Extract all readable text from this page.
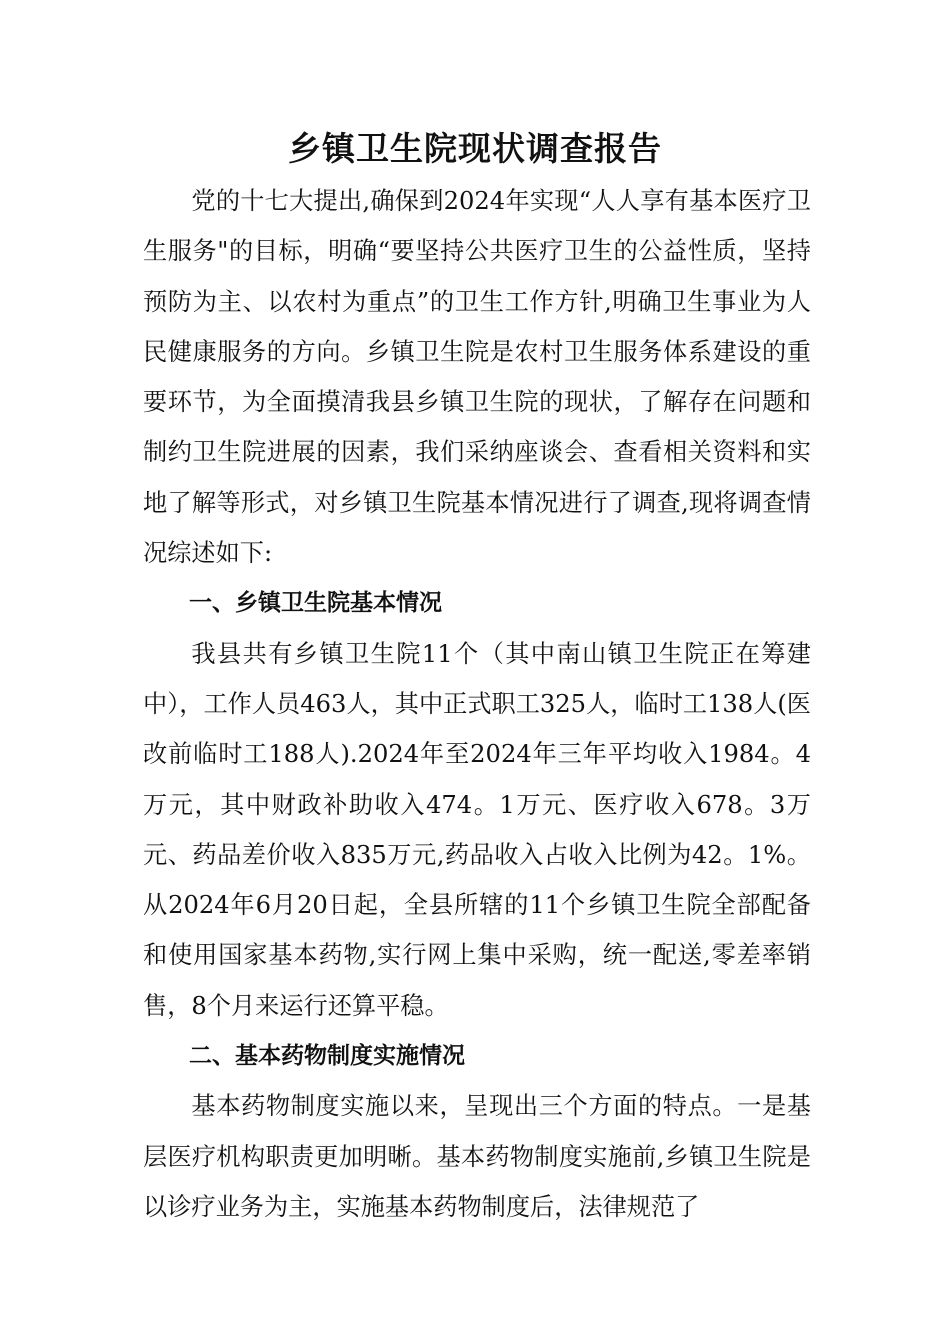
乡镇卫生院现状调查报告

党的十七大提出,确保到2024年实现“人人享有基本医疗卫生服务"的目标，明确“要坚持公共医疗卫生的公益性质，坚持预防为主、以农村为重点”的卫生工作方针,明确卫生事业为人民健康服务的方向。乡镇卫生院是农村卫生服务体系建设的重要环节，为全面摸清我县乡镇卫生院的现状，了解存在问题和制约卫生院进展的因素，我们采纳座谈会、查看相关资料和实地了解等形式，对乡镇卫生院基本情况进行了调查,现将调查情况综述如下:

一、乡镇卫生院基本情况

我县共有乡镇卫生院11个（其中南山镇卫生院正在筹建中），工作人员463人，其中正式职工325人，临时工138人(医改前临时工188人).2024年至2024年三年平均收入1984。4万元，其中财政补助收入474。1万元、医疗收入678。3万元、药品差价收入835万元,药品收入占收入比例为42。1%。从2024年6月20日起，全县所辖的11个乡镇卫生院全部配备和使用国家基本药物,实行网上集中采购，统一配送,零差率销售，8个月来运行还算平稳。

二、基本药物制度实施情况

基本药物制度实施以来，呈现出三个方面的特点。一是基层医疗机构职责更加明晰。基本药物制度实施前,乡镇卫生院是以诊疗业务为主，实施基本药物制度后，法律规范了
